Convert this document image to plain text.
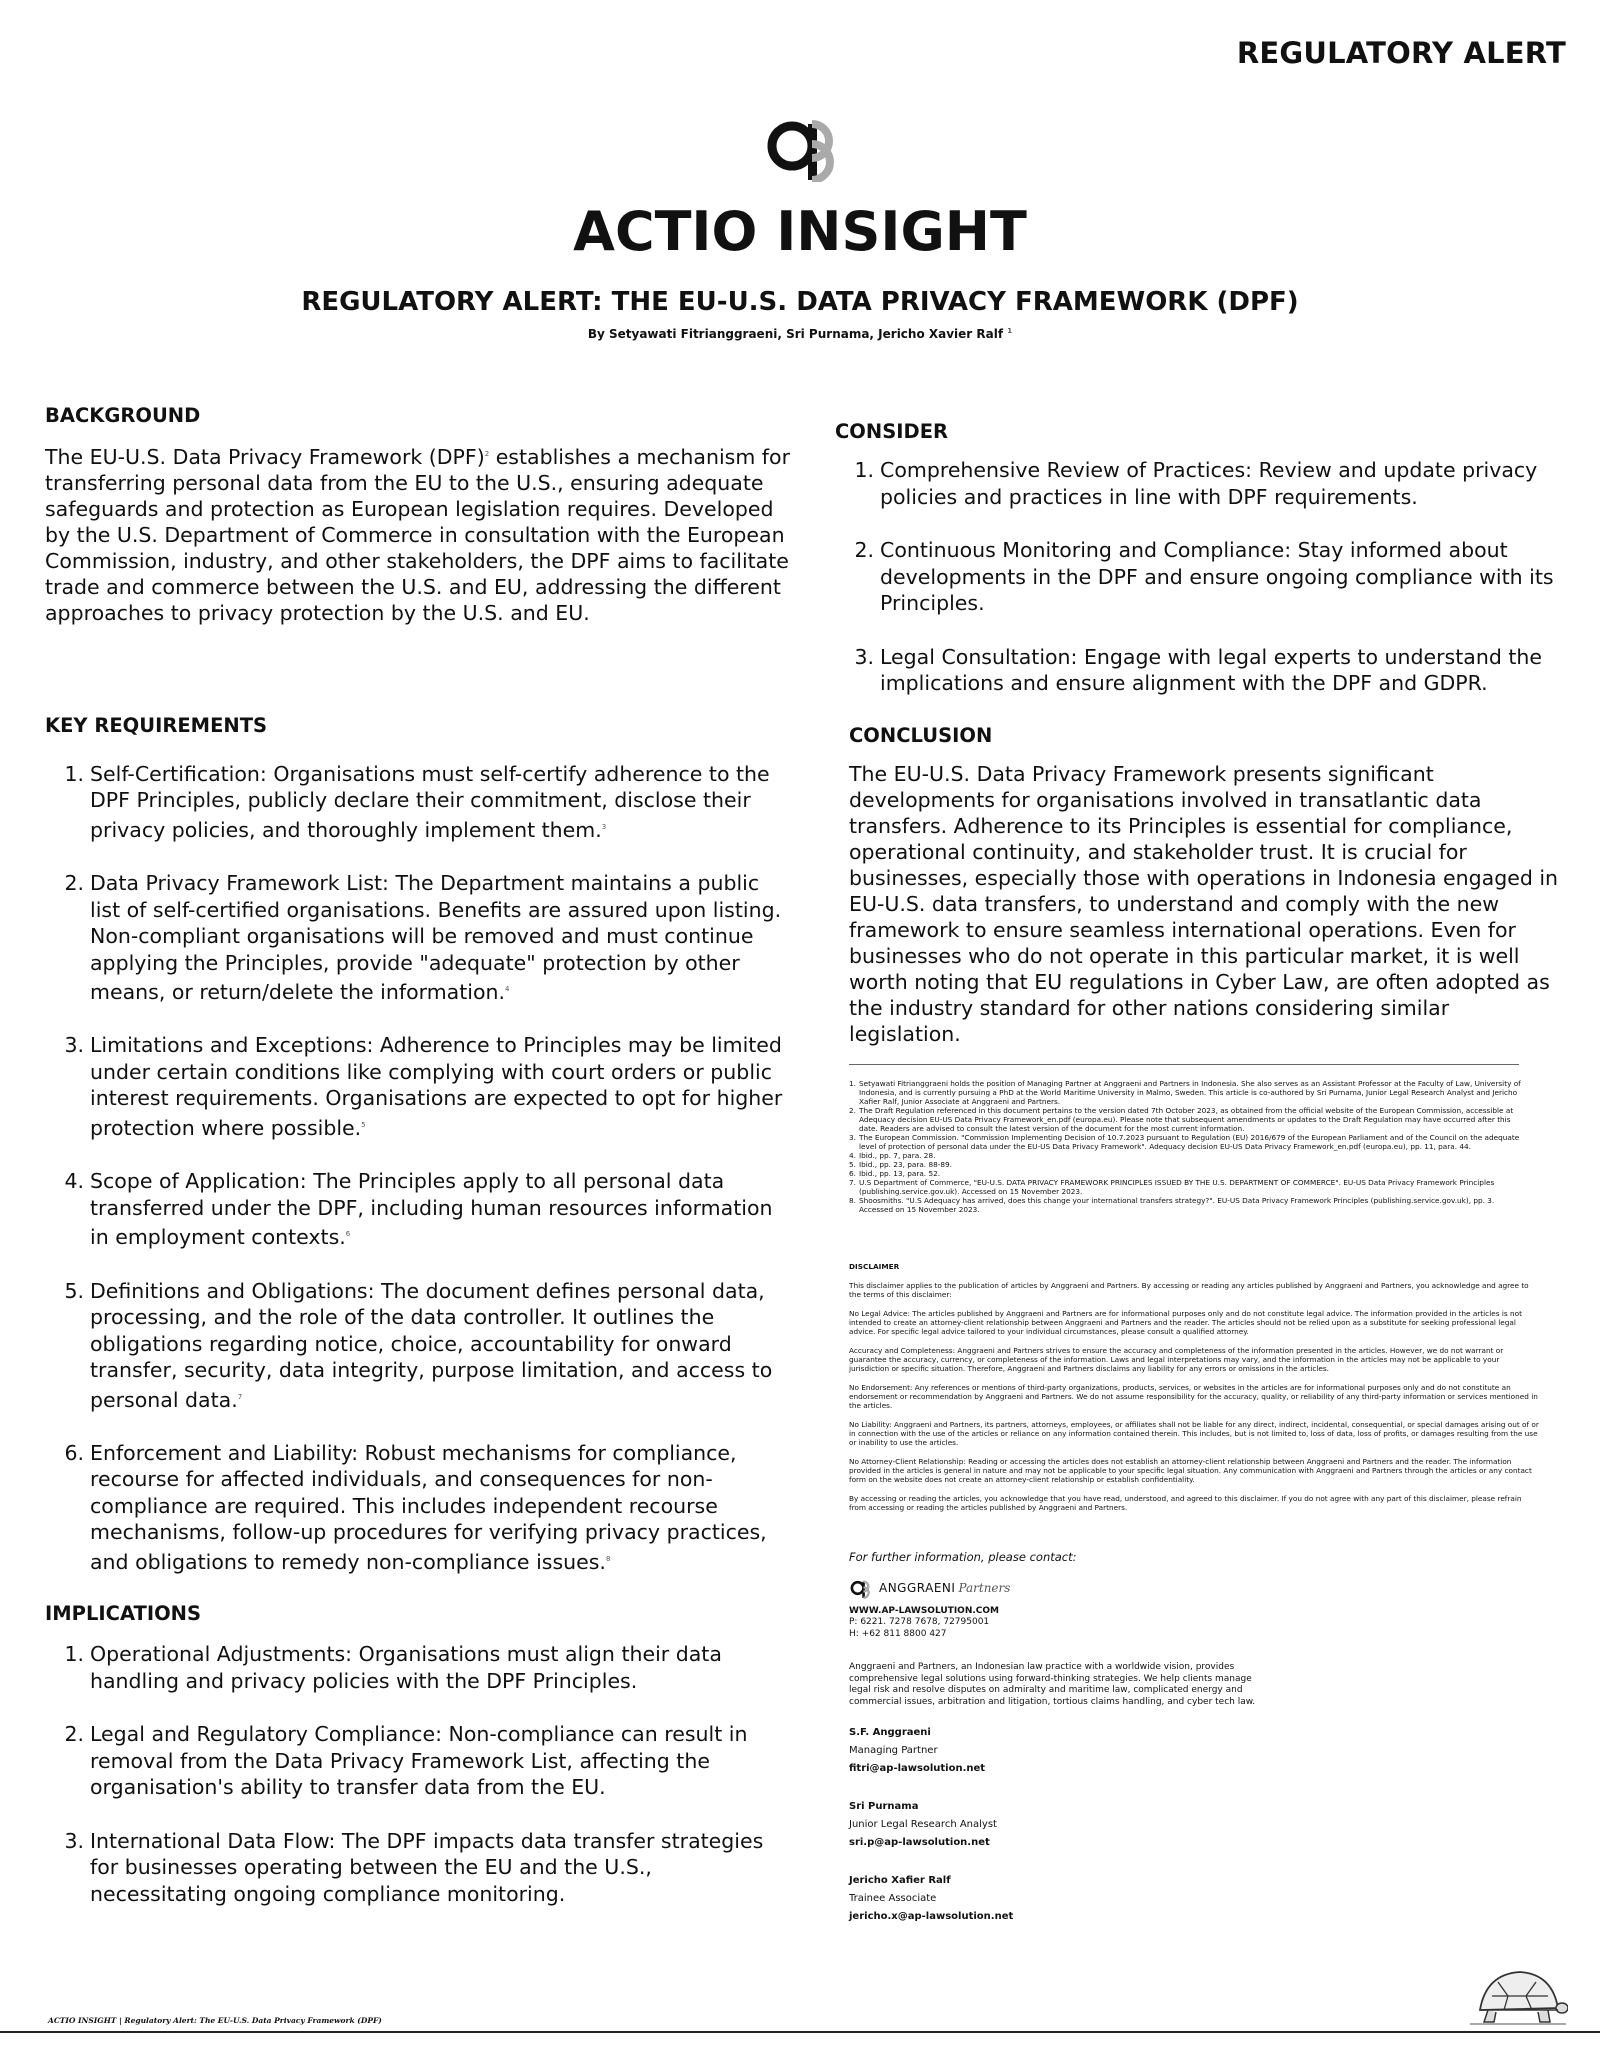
REGULATORY ALERT
ACTIO INSIGHT
REGULATORY ALERT: THE EU-U.S. DATA PRIVACY FRAMEWORK (DPF)
By Setyawati Fitrianggraeni, Sri Purnama, Jericho Xavier Ralf $^1$
BACKGROUND

The EU-U.S. Data Privacy Framework (DPF)$^2$ establishes a mechanism for transferring personal data from the EU to the U.S., ensuring adequate safeguards and protection as European legislation requires. Developed by the U.S. Department of Commerce in consultation with the European Commission, industry, and other stakeholders, the DPF aims to facilitate trade and commerce between the U.S. and EU, addressing the different approaches to privacy protection by the U.S. and EU.

KEY REQUIREMENTS
1. Self-Certification: Organisations must self-certify adherence to the DPF Principles, publicly declare their commitment, disclose their privacy policies, and thoroughly implement them.$^3$
2. Data Privacy Framework List: The Department maintains a public list of self-certified organisations. Benefits are assured upon listing. Non-compliant organisations will be removed and must continue applying the Principles, provide "adequate" protection by other means, or return/delete the information.$^4$
3. Limitations and Exceptions: Adherence to Principles may be limited under certain conditions like complying with court orders or public interest requirements. Organisations are expected to opt for higher protection where possible.$^5$
4. Scope of Application: The Principles apply to all personal data transferred under the DPF, including human resources information in employment contexts.$^6$
5. Definitions and Obligations: The document defines personal data, processing, and the role of the data controller. It outlines the obligations regarding notice, choice, accountability for onward transfer, security, data integrity, purpose limitation, and access to personal data.$^7$
6. Enforcement and Liability: Robust mechanisms for compliance, recourse for affected individuals, and consequences for non-compliance are required. This includes independent recourse mechanisms, follow-up procedures for verifying privacy practices, and obligations to remedy non-compliance issues.$^8$
IMPLICATIONS
1. Operational Adjustments: Organisations must align their data handling and privacy policies with the DPF Principles.
2. Legal and Regulatory Compliance: Non-compliance can result in removal from the Data Privacy Framework List, affecting the organisation's ability to transfer data from the EU.
3. International Data Flow: The DPF impacts data transfer strategies for businesses operating between the EU and the U.S., necessitating ongoing compliance monitoring.
CONSIDER
1. Comprehensive Review of Practices: Review and update privacy policies and practices in line with DPF requirements.
2. Continuous Monitoring and Compliance: Stay informed about developments in the DPF and ensure ongoing compliance with its Principles.
3. Legal Consultation: Engage with legal experts to understand the implications and ensure alignment with the DPF and GDPR.
CONCLUSION

The EU-U.S. Data Privacy Framework presents significant developments for organisations involved in transatlantic data transfers. Adherence to its Principles is essential for compliance, operational continuity, and stakeholder trust. It is crucial for businesses, especially those with operations in Indonesia engaged in EU-U.S. data transfers, to understand and comply with the new framework to ensure seamless international operations. Even for businesses who do not operate in this particular market, it is well worth noting that EU regulations in Cyber Law, are often adopted as the industry standard for other nations considering similar legislation.

1. Setyawati Fitrianggraeni holds the position of Managing Partner at Anggraeni and Partners in Indonesia. She also serves as an Assistant Professor at the Faculty of Law, University of Indonesia, and is currently pursuing a PhD at the World Maritime University in Malmo, Sweden. This article is co-authored by Sri Purnama, Junior Legal Research Analyst and Jericho Xafier Ralf, Junior Associate at Anggraeni and Partners.
2. The Draft Regulation referenced in this document pertains to the version dated 7th October 2023, as obtained from the official website of the European Commission, accessible at Adequacy decision EU-US Data Privacy Framework_en.pdf (europa.eu). Please note that subsequent amendments or updates to the Draft Regulation may have occurred after this date. Readers are advised to consult the latest version of the document for the most current information.
3. The European Commission. "Commission Implementing Decision of 10.7.2023 pursuant to Regulation (EU) 2016/679 of the European Parliament and of the Council on the adequate level of protection of personal data under the EU-US Data Privacy Framework". Adequacy decision EU-US Data Privacy Framework_en.pdf (europa.eu), pp. 11, para. 44.
4. Ibid., pp. 7, para. 28.
5. Ibid., pp. 23, para. 88-89.
6. Ibid., pp. 13, para. 52.
7. U.S Department of Commerce, "EU-U.S. DATA PRIVACY FRAMEWORK PRINCIPLES ISSUED BY THE U.S. DEPARTMENT OF COMMERCE". EU-US Data Privacy Framework Principles (publishing.service.gov.uk). Accessed on 15 November 2023.
8. Shoosmiths. "U.S Adequacy has arrived, does this change your international transfers strategy?". EU-US Data Privacy Framework Principles (publishing.service.gov.uk), pp. 3. Accessed on 15 November 2023.
DISCLAIMER

This disclaimer applies to the publication of articles by Anggraeni and Partners. By accessing or reading any articles published by Anggraeni and Partners, you acknowledge and agree to the terms of this disclaimer:

No Legal Advice: The articles published by Anggraeni and Partners are for informational purposes only and do not constitute legal advice. The information provided in the articles is not intended to create an attorney-client relationship between Anggraeni and Partners and the reader. The articles should not be relied upon as a substitute for seeking professional legal advice. For specific legal advice tailored to your individual circumstances, please consult a qualified attorney.

Accuracy and Completeness: Anggraeni and Partners strives to ensure the accuracy and completeness of the information presented in the articles. However, we do not warrant or guarantee the accuracy, currency, or completeness of the information. Laws and legal interpretations may vary, and the information in the articles may not be applicable to your jurisdiction or specific situation. Therefore, Anggraeni and Partners disclaims any liability for any errors or omissions in the articles.

No Endorsement: Any references or mentions of third-party organizations, products, services, or websites in the articles are for informational purposes only and do not constitute an endorsement or recommendation by Anggraeni and Partners. We do not assume responsibility for the accuracy, quality, or reliability of any third-party information or services mentioned in the articles.

No Liability: Anggraeni and Partners, its partners, attorneys, employees, or affiliates shall not be liable for any direct, indirect, incidental, consequential, or special damages arising out of or in connection with the use of the articles or reliance on any information contained therein. This includes, but is not limited to, loss of data, loss of profits, or damages resulting from the use or inability to use the articles.

No Attorney-Client Relationship: Reading or accessing the articles does not establish an attorney-client relationship between Anggraeni and Partners and the reader. The information provided in the articles is general in nature and may not be applicable to your specific legal situation. Any communication with Anggraeni and Partners through the articles or any contact form on the website does not create an attorney-client relationship or establish confidentiality.

By accessing or reading the articles, you acknowledge that you have read, understood, and agreed to this disclaimer. If you do not agree with any part of this disclaimer, please refrain from accessing or reading the articles published by Anggraeni and Partners.

For further information, please contact:
ANGGRAENI Partners
WWW.AP-LAWSOLUTION.COM
P: 6221. 7278 7678, 72795001
H: +62 811 8800 427
Anggraeni and Partners, an Indonesian law practice with a worldwide vision, provides comprehensive legal solutions using forward-thinking strategies. We help clients manage legal risk and resolve disputes on admiralty and maritime law, complicated energy and commercial issues, arbitration and litigation, tortious claims handling, and cyber tech law.
S.F. Anggraeni
Managing Partner
fitri@ap-lawsolution.net
Sri Purnama
Junior Legal Research Analyst
sri.p@ap-lawsolution.net
Jericho Xafier Ralf
Trainee Associate
jericho.x@ap-lawsolution.net
ACTIO INSIGHT | Regulatory Alert: The EU-U.S. Data Privacy Framework (DPF)
